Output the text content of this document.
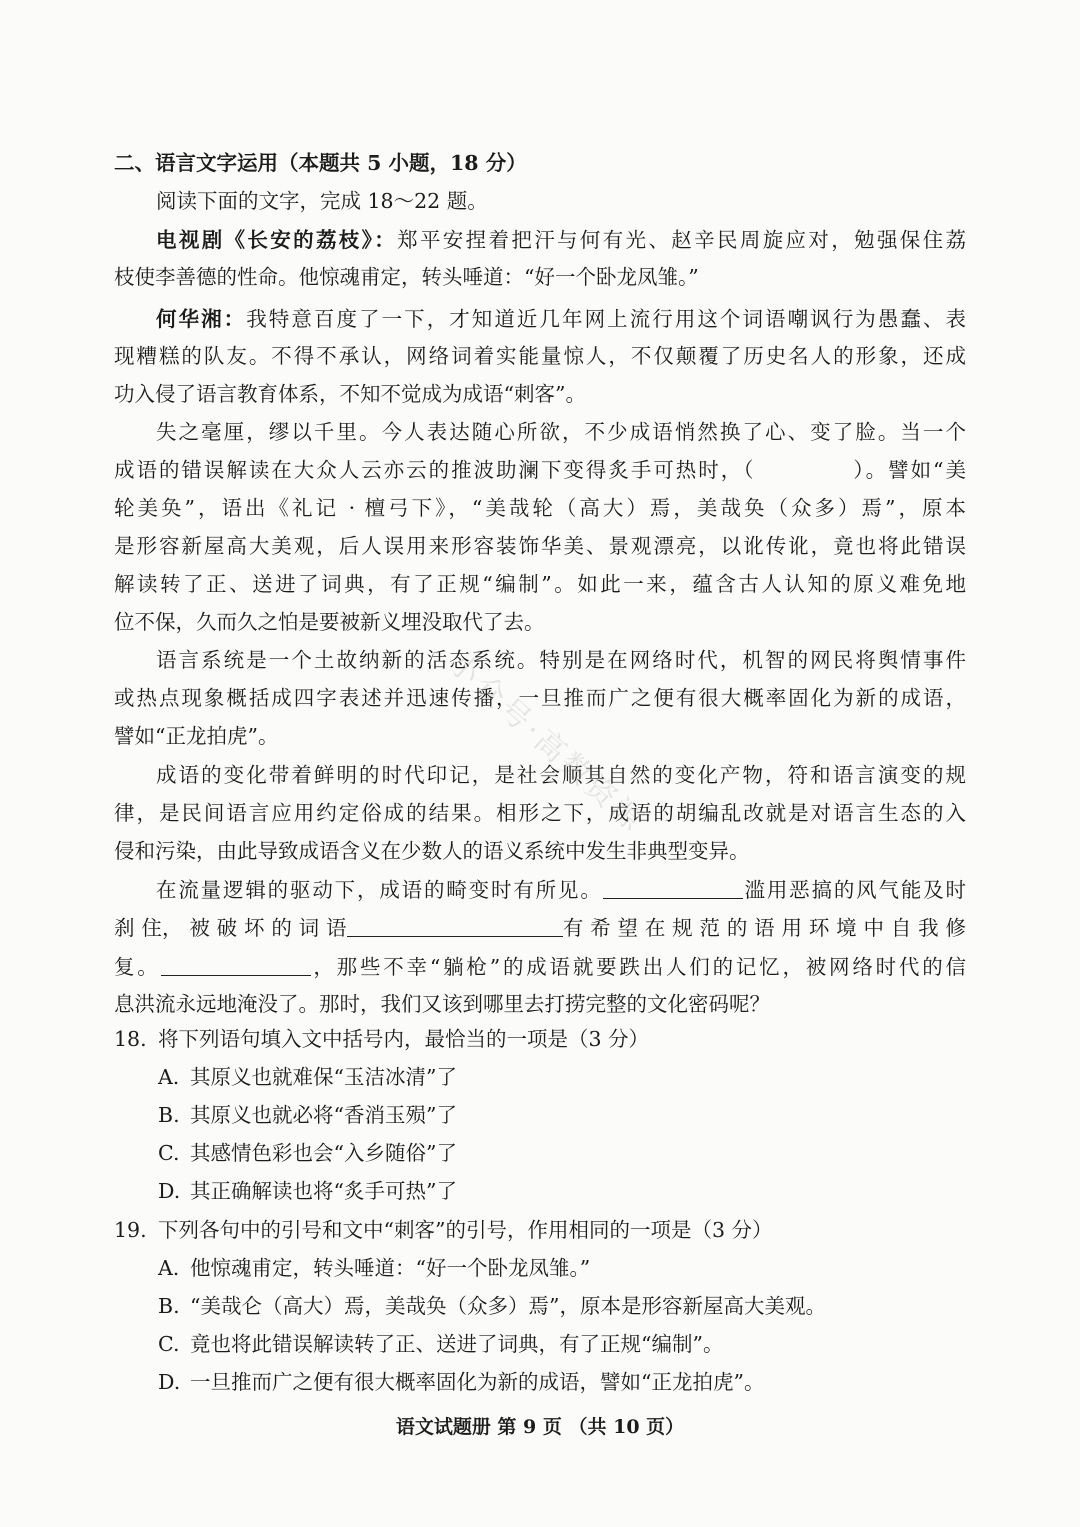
二、语言文字运用（本题共 5 小题，18 分）
阅读下面的文字，完成 18～22 题。
电视剧《长安的荔枝》：郑平安捏着把汗与何有光、赵辛民周旋应对，勉强保住荔
枝使李善德的性命。他惊魂甫定，转头唾道：“好一个卧龙凤雏。”
何华湘：我特意百度了一下，才知道近几年网上流行用这个词语嘲讽行为愚蠢、表
现糟糕的队友。不得不承认，网络词着实能量惊人，不仅颠覆了历史名人的形象，还成
功入侵了语言教育体系，不知不觉成为成语“刺客”。
失之毫厘，缪以千里。今人表达随心所欲，不少成语悄然换了心、变了脸。当一个
成语的错误解读在大众人云亦云的推波助澜下变得炙手可热时，（	）。譬如“美
轮美奂”，语出《礼记 · 檀弓下》，“美哉轮（高大）焉，美哉奂（众多）焉”，原本
是形容新屋高大美观，后人误用来形容装饰华美、景观漂亮，以讹传讹，竟也将此错误
解读转了正、送进了词典，有了正规“编制”。如此一来，蕴含古人认知的原义难免地
位不保，久而久之怕是要被新义埋没取代了去。
语言系统是一个土故纳新的活态系统。特别是在网络时代，机智的网民将舆情事件
或热点现象概括成四字表述并迅速传播，一旦推而广之便有很大概率固化为新的成语，
譬如“正龙拍虎”。
成语的变化带着鲜明的时代印记，是社会顺其自然的变化产物，符和语言演变的规
律，是民间语言应用约定俗成的结果。相形之下，成语的胡编乱改就是对语言生态的入
侵和污染，由此导致成语含义在少数人的语义系统中发生非典型变异。
在流量逻辑的驱动下，成语的畸变时有所见。	滥用恶搞的风气能及时
刹 住， 被 破 坏 的 词 语	有 希 望 在 规 范 的 语 用 环 境 中 自 我 修
复。	，那些不幸“躺枪”的成语就要跌出人们的记忆，被网络时代的信
息洪流永远地淹没了。那时，我们又该到哪里去打捞完整的文化密码呢？
18. 将下列语句填入文中括号内，最恰当的一项是（3 分）
A. 其原义也就难保“玉洁冰清”了
B. 其原义也就必将“香消玉殒”了
C. 其感情色彩也会“入乡随俗”了
D. 其正确解读也将“炙手可热”了
19. 下列各句中的引号和文中“刺客”的引号，作用相同的一项是（3 分）
A. 他惊魂甫定，转头唾道：“好一个卧龙凤雏。”
B. “美哉仑（高大）焉，美哉奂（众多）焉”，原本是形容新屋高大美观。
C. 竟也将此错误解读转了正、送进了词典，有了正规“编制”。
D. 一旦推而广之便有很大概率固化为新的成语，譬如“正龙拍虎”。
语文试题册 第 9 页 （共 10 页）
小众号·高数资源
